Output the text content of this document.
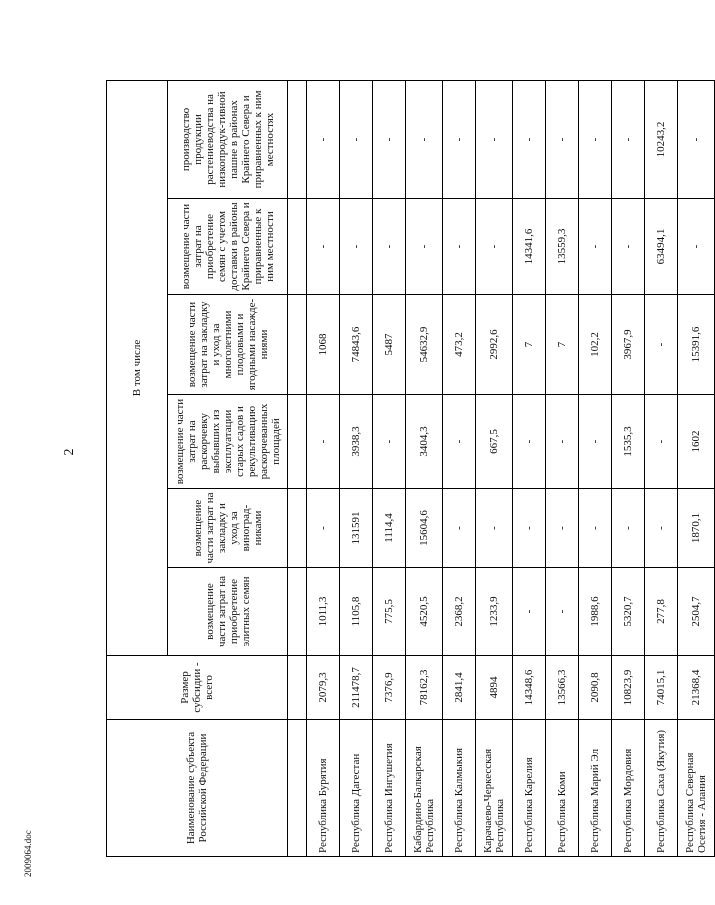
2
2009064.doc
Наименование субъекта Российской Федерации	Размер субсидии - всего	В том числе					
		возмещение части затрат на приобретение элитных семян	возмещение части затрат на закладку и уход за виноград-никами	возмещение части затрат на раскорчевку выбывших из эксплуатации старых садов и рекультивацию раскорчеванных площадей	возмещение части затрат на закладку и уход за многолетними плодовыми и ягодными насажде-ниями	возмещение части затрат на приобретение семян с учетом доставки в районы Крайнего Севера и приравненные к ним местности	производство продукции растениеводства на низкопродук-тивной пашне в районах Крайнего Севера и приравненных к ним местностях

Республика Бурятия	2079,3	1011,3	-	-	1068	-	-
Республика Дагестан	211478,7	1105,8	131591	3938,3	74843,6	-	-
Республика Ингушетия	7376,9	775,5	1114,4	-	5487	-	-
Кабардино-Балкарская Республика	78162,3	4520,5	15604,6	3404,3	54632,9	-	-
Республика Калмыкия	2841,4	2368,2	-	-	473,2	-	-
Карачаево-Черкесская Республика	4894	1233,9	-	667,5	2992,6	-	-
Республика Карелия	14348,6	-	-	-	7	14341,6	-
Республика Коми	13566,3	-	-	-	7	13559,3	-
Республика Марий Эл	2090,8	1988,6	-	-	102,2	-	-
Республика Мордовия	10823,9	5320,7	-	1535,3	3967,9	-	-
Республика Саха (Якутия)	74015,1	277,8	-	-	-	63494,1	10243,2
Республика Северная Осетия - Алания	21368,4	2504,7	1870,1	1602	15391,6	-	-
